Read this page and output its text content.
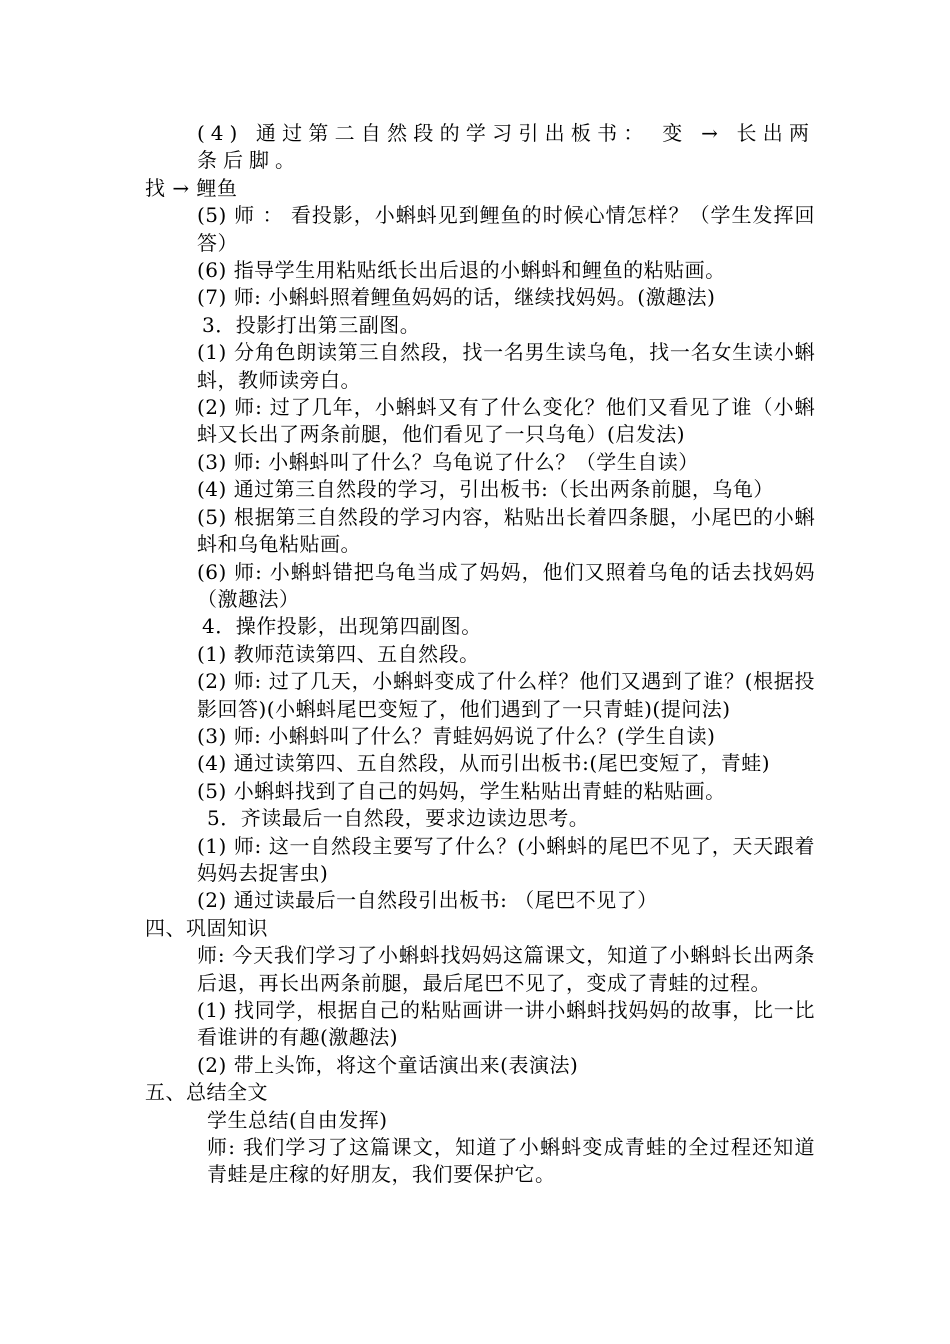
(4) 通过第二自然段的学习引出板书： 变 → 长出两条后脚。

找 → 鲤鱼

(5) 师 ： 看投影，小蝌蚪见到鲤鱼的时候心情怎样？（学生发挥回答）

(6) 指导学生用粘贴纸长出后退的小蝌蚪和鲤鱼的粘贴画。

(7) 师: 小蝌蚪照着鲤鱼妈妈的话，继续找妈妈。(激趣法)

3．投影打出第三副图。

(1) 分角色朗读第三自然段，找一名男生读乌龟，找一名女生读小蝌蚪，教师读旁白。

(2) 师: 过了几年，小蝌蚪又有了什么变化？他们又看见了谁（小蝌蚪又长出了两条前腿，他们看见了一只乌龟）(启发法)

(3) 师: 小蝌蚪叫了什么？乌龟说了什么？（学生自读）

(4) 通过第三自然段的学习，引出板书:（长出两条前腿，乌龟）

(5) 根据第三自然段的学习内容，粘贴出长着四条腿，小尾巴的小蝌蚪和乌龟粘贴画。

(6) 师: 小蝌蚪错把乌龟当成了妈妈，他们又照着乌龟的话去找妈妈（激趣法）

4．操作投影，出现第四副图。

(1) 教师范读第四、五自然段。

(2) 师: 过了几天，小蝌蚪变成了什么样？他们又遇到了谁？(根据投影回答)(小蝌蚪尾巴变短了，他们遇到了一只青蛙)(提问法)

(3) 师: 小蝌蚪叫了什么？青蛙妈妈说了什么？(学生自读)

(4) 通过读第四、五自然段，从而引出板书:(尾巴变短了，青蛙)

(5) 小蝌蚪找到了自己的妈妈，学生粘贴出青蛙的粘贴画。

5．齐读最后一自然段，要求边读边思考。

(1) 师: 这一自然段主要写了什么？(小蝌蚪的尾巴不见了，天天跟着妈妈去捉害虫)

(2) 通过读最后一自然段引出板书: （尾巴不见了）

四、巩固知识

师: 今天我们学习了小蝌蚪找妈妈这篇课文，知道了小蝌蚪长出两条后退，再长出两条前腿，最后尾巴不见了，变成了青蛙的过程。

(1) 找同学，根据自己的粘贴画讲一讲小蝌蚪找妈妈的故事，比一比看谁讲的有趣(激趣法)

(2) 带上头饰，将这个童话演出来(表演法)

五、总结全文

学生总结(自由发挥)

师: 我们学习了这篇课文，知道了小蝌蚪变成青蛙的全过程还知道青蛙是庄稼的好朋友，我们要保护它。
